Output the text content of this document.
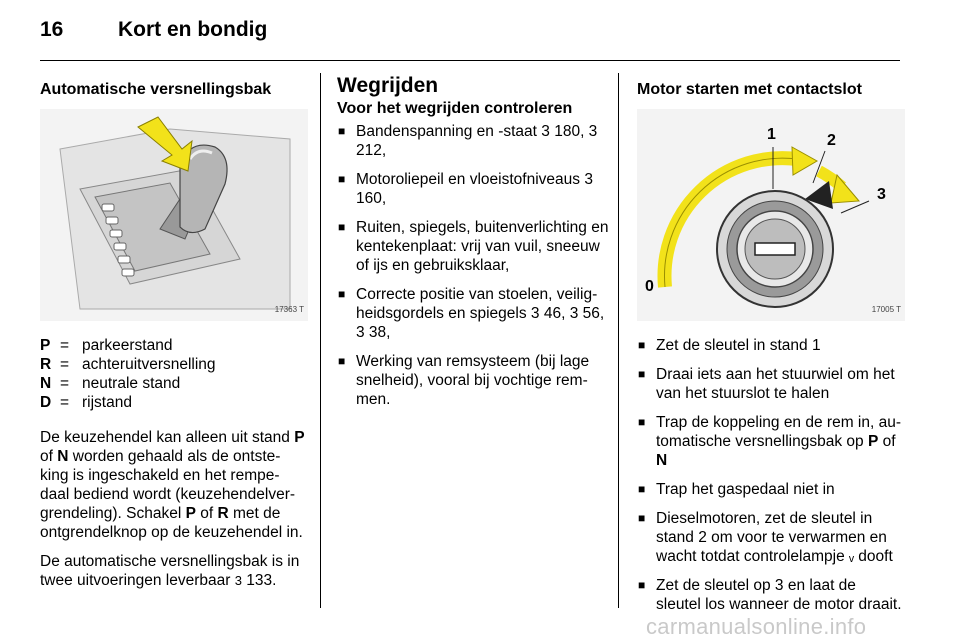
16	Kort en bondig
Automatische versnellingsbak
17363 T
P = parkeerstand
R = achteruitversnelling
N = neutrale stand
D = rijstand

De keuzehendel kan alleen uit stand P of N worden gehaald als de ontste-king is ingeschakeld en het rempe-daal bediend wordt (keuzehendelver-grendeling). Schakel P of R met de ontgrendelknop op de keuzehendel in.

De automatische versnellingsbak is in twee uitvoeringen leverbaar 3 133.

Wegrijden
Voor het wegrijden controleren
■ Bandenspanning en -staat 3 180, 3 212,
■ Motoroliepeil en vloeistofniveaus 3 160,
■ Ruiten, spiegels, buitenverlichting en kentekenplaat: vrij van vuil, sneeuw of ijs en gebruiksklaar,
■ Correcte positie van stoelen, veilig-heidsgordels en spiegels 3 46, 3 56, 3 38,
■ Werking van remsysteem (bij lage snelheid), vooral bij vochtige rem-men.
Motor starten met contactslot
0
1	2
3
17005 T
■ Zet de sleutel in stand 1
■ Draai iets aan het stuurwiel om het van het stuurslot te halen
■ Trap de koppeling en de rem in, au-tomatische versnellingsbak op P of N
■ Trap het gaspedaal niet in
■ Dieselmotoren, zet de sleutel in stand 2 om voor te verwarmen en wacht totdat controlelampje ᵥ dooft
■ Zet de sleutel op 3 en laat de sleutel los wanneer de motor draait.
carmanualsonline.info
